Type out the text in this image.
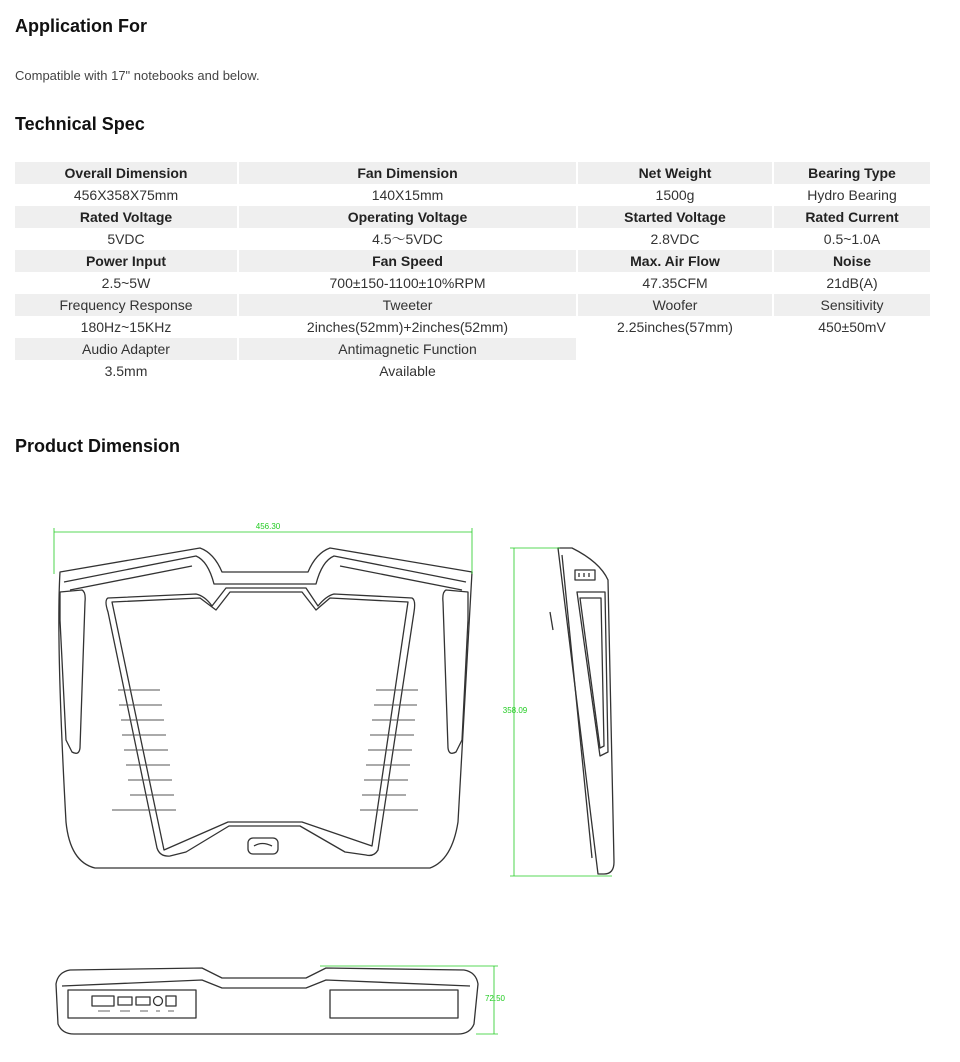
Application For

Compatible with 17" notebooks and below.

Technical Spec
Overall Dimension	Fan Dimension	Net Weight	Bearing Type
456X358X75mm	140X15mm	1500g	Hydro Bearing
Rated Voltage	Operating Voltage	Started Voltage	Rated Current
5VDC	4.5～5VDC	2.8VDC	0.5~1.0A
Power Input	Fan Speed	Max. Air Flow	Noise
2.5~5W	700±150-1100±10%RPM	47.35CFM	21dB(A)
Frequency Response	Tweeter	Woofer	Sensitivity
180Hz~15KHz	2inches(52mm)+2inches(52mm)	2.25inches(57mm)	450±50mV
Audio Adapter	Antimagnetic Function		
3.5mm	Available		
Product Dimension
456.30
358.09
72.50
